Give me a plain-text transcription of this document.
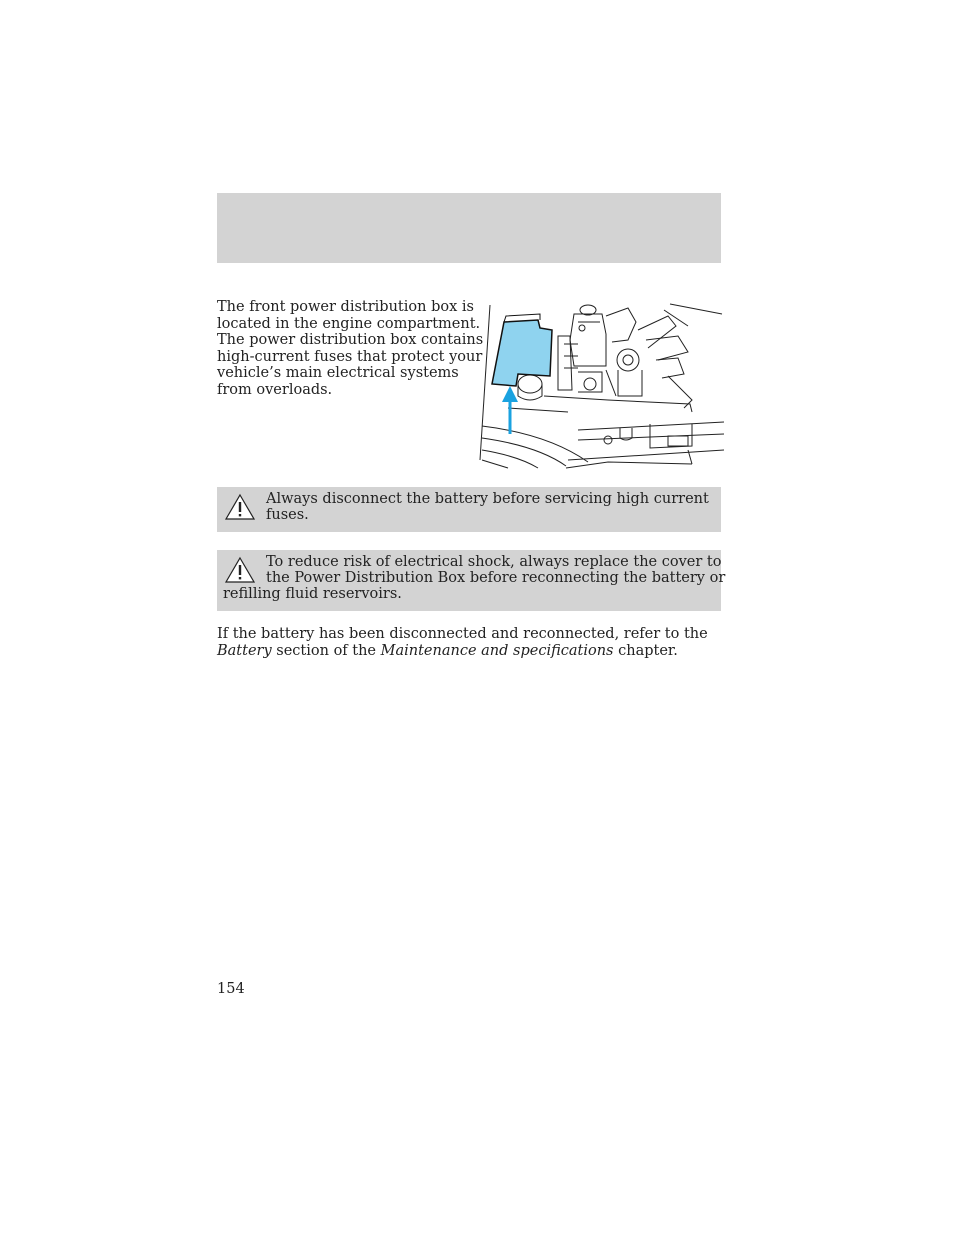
The front power distribution box is
located in the engine compartment.
The power distribution box contains
high-current fuses that protect your
vehicle’s main electrical systems
from overloads.
Always disconnect the battery before servicing high current
fuses.
To reduce risk of electrical shock, always replace the cover to
the Power Distribution Box before reconnecting the battery or
refilling fluid reservoirs.
If the battery has been disconnected and reconnected, refer to the
Battery section of the Maintenance and specifications chapter.
154
